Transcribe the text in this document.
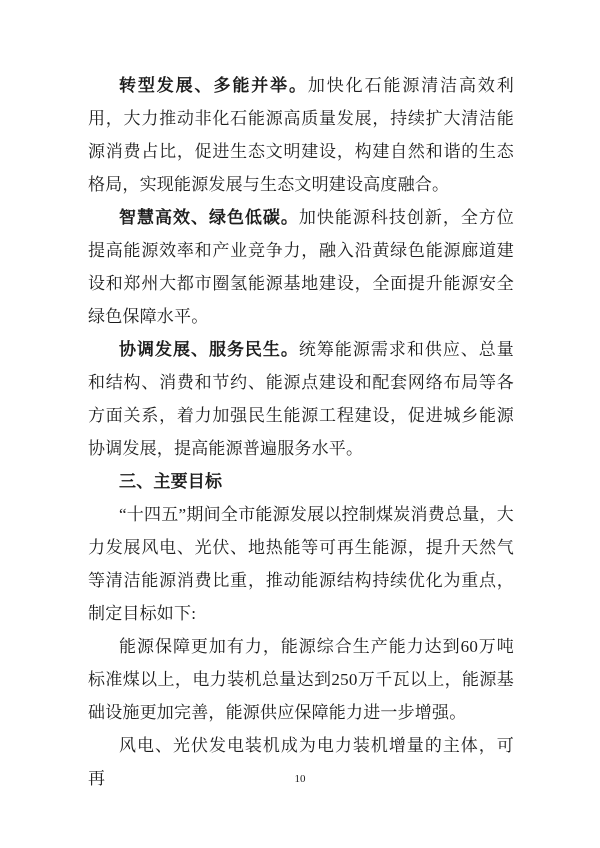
转型发展、多能并举。加快化石能源清洁高效利用，大力推动非化石能源高质量发展，持续扩大清洁能源消费占比，促进生态文明建设，构建自然和谐的生态格局，实现能源发展与生态文明建设高度融合。

智慧高效、绿色低碳。加快能源科技创新，全方位提高能源效率和产业竞争力，融入沿黄绿色能源廊道建设和郑州大都市圈氢能源基地建设，全面提升能源安全绿色保障水平。

协调发展、服务民生。统筹能源需求和供应、总量和结构、消费和节约、能源点建设和配套网络布局等各方面关系，着力加强民生能源工程建设，促进城乡能源协调发展，提高能源普遍服务水平。

三、主要目标

“十四五”期间全市能源发展以控制煤炭消费总量，大力发展风电、光伏、地热能等可再生能源，提升天然气等清洁能源消费比重，推动能源结构持续优化为重点，制定目标如下:

能源保障更加有力，能源综合生产能力达到60万吨标准煤以上，电力装机总量达到250万千瓦以上，能源基础设施更加完善，能源供应保障能力进一步增强。

风电、光伏发电装机成为电力装机增量的主体，可再	10
